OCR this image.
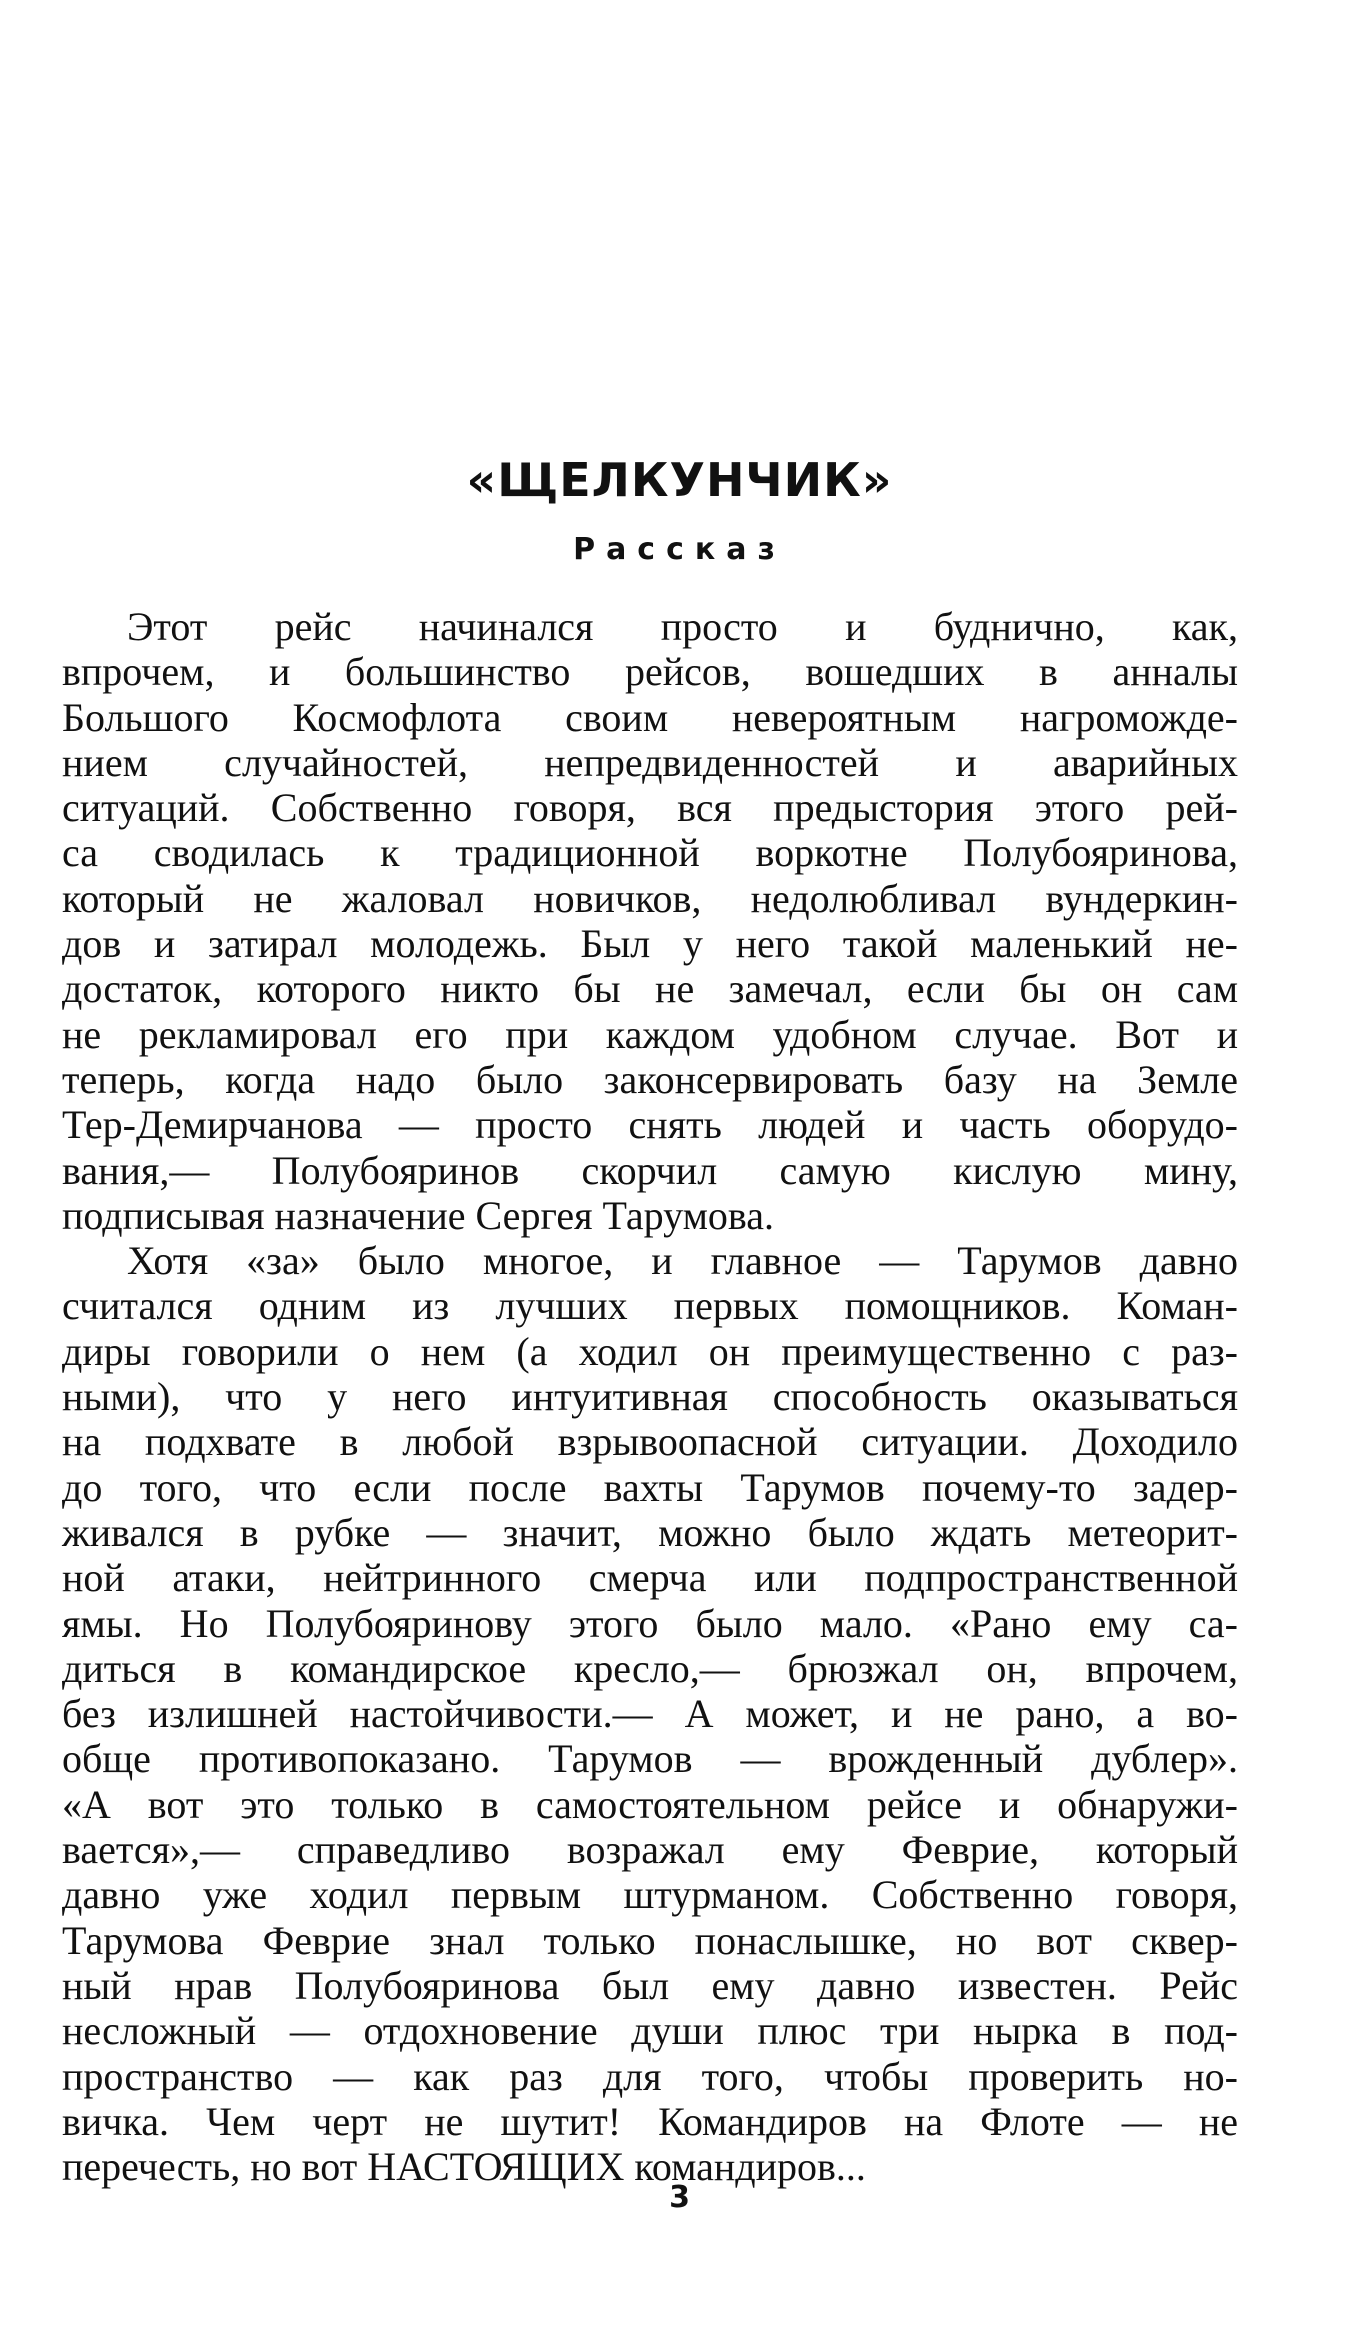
«ЩЕЛКУНЧИК»
Рассказ
Этот рейс начинался просто и буднично, как,
впрочем, и большинство рейсов, вошедших в анналы
Большого Космофлота своим невероятным нагроможде-
нием случайностей, непредвиденностей и аварийных
ситуаций. Собственно говоря, вся предыстория этого рей-
са сводилась к традиционной воркотне Полубояринова,
который не жаловал новичков, недолюбливал вундеркин-
дов и затирал молодежь. Был у него такой маленький не-
достаток, которого никто бы не замечал, если бы он сам
не рекламировал его при каждом удобном случае. Вот и
теперь, когда надо было законсервировать базу на Земле
Тер-Демирчанова — просто снять людей и часть оборудо-
вания,— Полубояринов скорчил самую кислую мину,
подписывая назначение Сергея Тарумова.
Хотя «за» было многое, и главное — Тарумов давно
считался одним из лучших первых помощников. Коман-
диры говорили о нем (а ходил он преимущественно с раз-
ными), что у него интуитивная способность оказываться
на подхвате в любой взрывоопасной ситуации. Доходило
до того, что если после вахты Тарумов почему-то задер-
живался в рубке — значит, можно было ждать метеорит-
ной атаки, нейтринного смерча или подпространственной
ямы. Но Полубояринову этого было мало. «Рано ему са-
диться в командирское кресло,— брюзжал он, впрочем,
без излишней настойчивости.— А может, и не рано, а во-
обще противопоказано. Тарумов — врожденный дублер».
«А вот это только в самостоятельном рейсе и обнаружи-
вается»,— справедливо возражал ему Феврие, который
давно уже ходил первым штурманом. Собственно говоря,
Тарумова Феврие знал только понаслышке, но вот сквер-
ный нрав Полубояринова был ему давно известен. Рейс
несложный — отдохновение души плюс три нырка в под-
пространство — как раз для того, чтобы проверить но-
вичка. Чем черт не шутит! Командиров на Флоте — не
перечесть, но вот НАСТОЯЩИХ командиров...
3
